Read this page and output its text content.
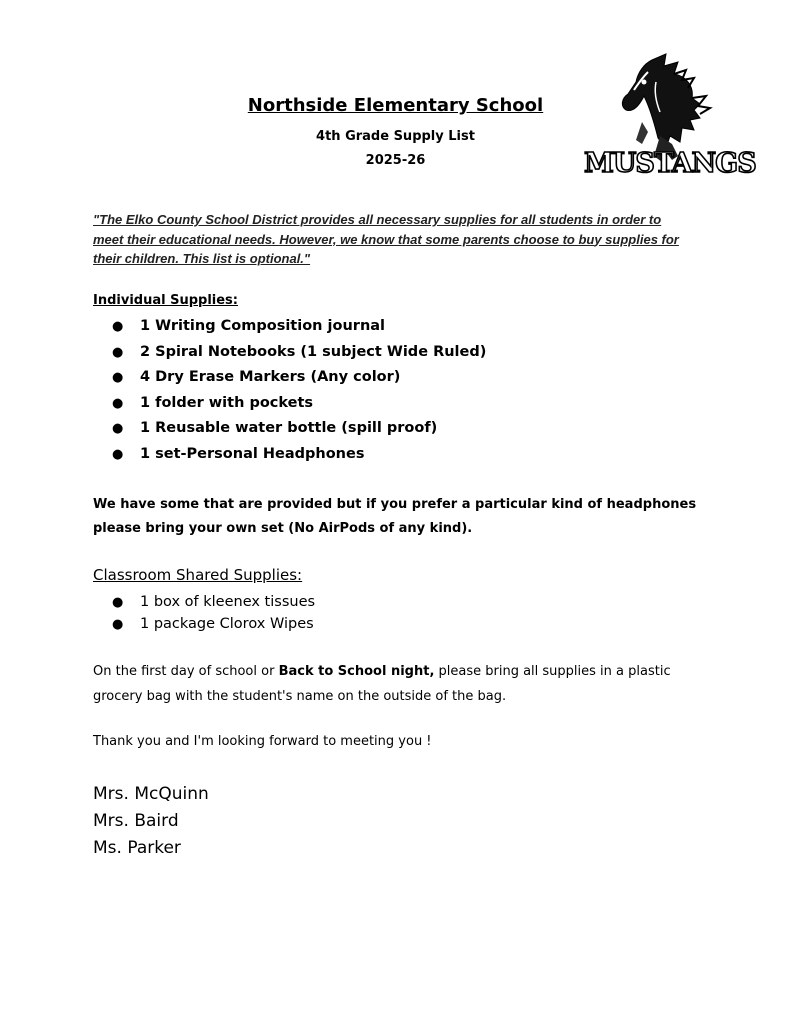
Northside Elementary School
4th Grade Supply List
2025-26	MUSTANGS
"The Elko County School District provides all necessary supplies for all students in order to meet their educational needs. However, we know that some parents choose to buy supplies for their children. This list is optional."
Individual Supplies:
● 1 Writing Composition journal
● 2 Spiral Notebooks (1 subject Wide Ruled)
● 4 Dry Erase Markers (Any color)
● 1 folder with pockets
● 1 Reusable water bottle (spill proof)
● 1 set-Personal Headphones
We have some that are provided but if you prefer a particular kind of headphones please bring your own set (No AirPods of any kind).
Classroom Shared Supplies:
● 1 box of kleenex tissues
● 1 package Clorox Wipes
On the first day of school or Back to School night, please bring all supplies in a plastic grocery bag with the student's name on the outside of the bag.
Thank you and I'm looking forward to meeting you !
Mrs. McQuinn
Mrs. Baird
Ms. Parker
